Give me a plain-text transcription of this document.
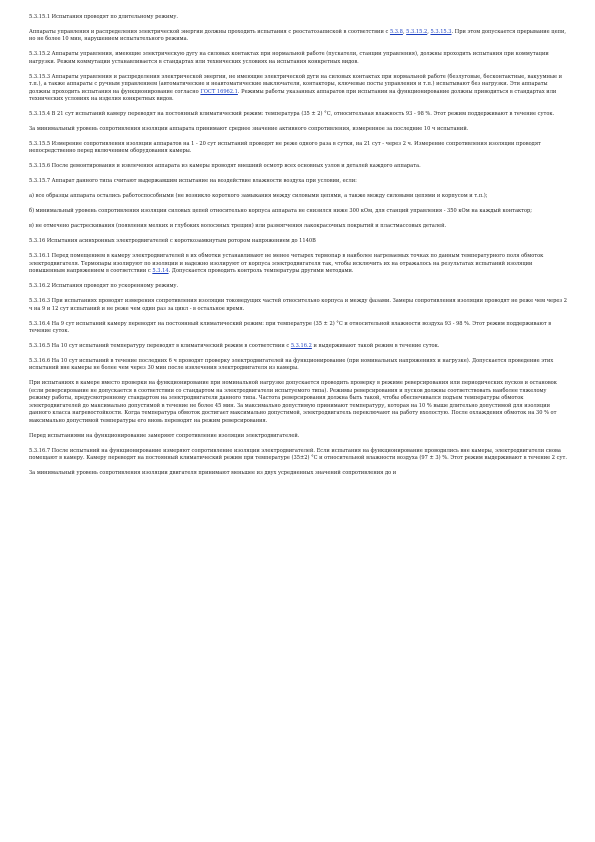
5.3.15.1 Испытания проводят по длительному режиму.

Аппараты управления и распределения электрической энергии должны проходить испытания с реостатозапиской в соответствии с 5.3.8, 5.3.15.2, 5.3.15.3. При этом допускается прерывание цепи, но не более 10 мин, нарушением испытательного режима.

5.3.15.2 Аппараты управления, имеющие электрическую дугу на силовых контактах при нормальной работе (пускатели, станции управления), должны проходить испытания при коммутации нагрузки. Режим коммутации устанавливается в стандартах или технических условиях на испытания конкретных видов.

5.3.15.3 Аппараты управления и распределения электрической энергии, не имеющие электрической дуги на силовых контактах при нормальной работе (безлуговые, бесконтактные, вакуумные и т.п.), а также аппараты с ручным управлением (автоматические и неавтоматические выключатели, контакторы, ключевые посты управления и т.п.) испытывают без нагрузки. Эти аппараты должны проходить испытания на функционирование согласно ГОСТ 16962.1. Режимы работы указанных аппаратов при испытании на функционирование должны приводиться в стандартах или технических условиях на изделия конкретных видов.

5.3.15.4 В 21 сут испытаний камеру переводят на постоянный климатический режим: температура (35 ± 2) °С, относительная влажность 93 - 98 %. Этот режим поддерживают в течение суток.

За минимальный уровень сопротивления изоляции аппарата принимают среднее значение активного сопротивления, измеренное за последние 10 ч испытаний.

5.3.15.5 Измерение сопротивления изоляции аппаратов на 1 - 20 сут испытаний проводят не реже одного раза в сутки, на 21 сут - через 2 ч. Измерение сопротивления изоляции проводят непосредственно перед включением оборудования камеры.

5.3.15.6 После демонтирования и извлечения аппарата из камеры проводят внешний осмотр всех основных узлов и деталей каждого аппарата.

5.3.15.7 Аппарат данного типа считают выдержавшим испытание на воздействие влажности воздуха при условии, если:

а) все образцы аппарата остались работоспособными (не возникло короткого замыкания между силовыми цепями, а также между силовыми цепями и корпусом и т.п.);

б) минимальный уровень сопротивления изоляции силовых цепей относительно корпуса аппарата не снизился ниже 300 кОм, для станций управления - 350 кОм на каждый контактор;

в) не отмечено растрескивания (появления мелких и глубоких волосяных трещин) или размягчения лакокрасочных покрытий и пластмассовых деталей.

5.3.16 Испытания асинхронных электродвигателей с короткозамкнутым ротором напряжением до 1140В

5.3.16.1 Перед помещением в камеру электродвигателей в их обмотки устанавливают не менее четырех термопар в наиболее нагреваемых точках по данным температурного поля обмоток электродвигателя. Термопары изолируют по изоляции и надежно изолируют от корпуса электродвигателя так, чтобы исключить их на отражалось на результатах испытаний изоляции повышенным напряжением в соответствии с 5.3.14. Допускается проводить контроль температуры другими методами.

5.3.16.2 Испытания проводят по ускоренному режиму.

5.3.16.3 При испытаниях проводят измерения сопротивления изоляции токоведущих частей относительно корпуса и между фазами. Замеры сопротивления изоляции проводят не реже чем через 2 ч на 9 и 12 сут испытаний и не реже чем один раз за цикл - в остальное время.

5.3.16.4 На 9 сут испытаний камеру переводят на постоянный климатический режим: при температуре (35 ± 2) °С и относительной влажности воздуха 93 - 98 %. Этот режим поддерживают в течение суток.

5.3.16.5 На 10 сут испытаний температуру переводят в климатический режим в соответствии с 5.3.16.2 и выдерживают такой режим в течение суток.

5.3.16.6 На 10 сут испытаний в течение последних 6 ч проводят проверку электродвигателей на функционирование (при номинальных напряжениях и нагрузке). Допускается проведение этих испытаний вне камеры не более чем через 30 мин после извлечения электродвигателя из камеры.

При испытаниях в камере вместо проверки на функционирование при номинальной нагрузке допускается проводить проверку в режиме реверсирования или периодических пусков и остановок (если реверсирование не допускается в соответствии со стандартом на электродвигатели испытуемого типа). Режимы реверсирования и пусков должны соответствовать наиболее тяжелому режиму работы, предусмотренному стандартом на электродвигатели данного типа. Частота реверсирования должна быть такой, чтобы обеспечивался подъем температуры обмоток электродвигателей до максимально допустимой в течение не более 45 мин. За максимально допустимую принимают температуру, которая на 10 % выше длительно допустимой для изоляции данного класса нагревостойкости. Когда температура обмоток достигает максимально допустимой, электродвигатель переключают на работу вхолостую. После охлаждения обмоток на 30 % от максимально допустимой температуры его вновь переводят на режим реверсирования.

Перед испытаниями на функционирование замеряют сопротивление изоляции электродвигателей.

5.3.16.7 После испытаний на функционирование измеряют сопротивление изоляции электродвигателей. Если испытания на функционирование проводились вне камеры, электродвигатели снова помещают в камеру. Камеру переводят на постоянный климатический режим при температуре (35±2) °С и относительной влажности воздуха (97 ± 3) %. Этот режим выдерживают в течение 2 сут.

За минимальный уровень сопротивления изоляции двигателя принимают меньшее из двух усредненных значений сопротивления до и
